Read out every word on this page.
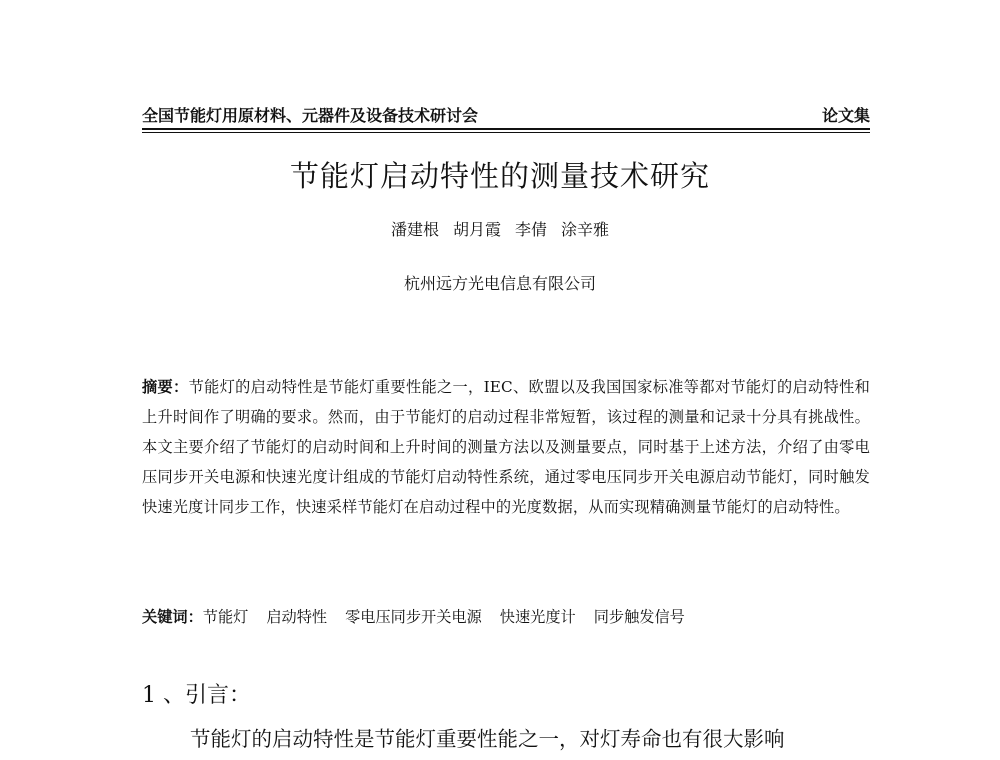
全国节能灯用原材料、元器件及设备技术研讨会	论文集
节能灯启动特性的测量技术研究
潘建根 胡月霞 李倩 涂辛雅
杭州远方光电信息有限公司
摘要：节能灯的启动特性是节能灯重要性能之一，IEC、欧盟以及我国国家标准等都对节能灯的启动特性和上升时间作了明确的要求。然而，由于节能灯的启动过程非常短暂，该过程的测量和记录十分具有挑战性。本文主要介绍了节能灯的启动时间和上升时间的测量方法以及测量要点，同时基于上述方法，介绍了由零电压同步开关电源和快速光度计组成的节能灯启动特性系统，通过零电压同步开关电源启动节能灯，同时触发快速光度计同步工作，快速采样节能灯在启动过程中的光度数据，从而实现精确测量节能灯的启动特性。
关键词：节能灯 启动特性 零电压同步开关电源 快速光度计 同步触发信号
1 、引言：
节能灯的启动特性是节能灯重要性能之一，对灯寿命也有很大影响
